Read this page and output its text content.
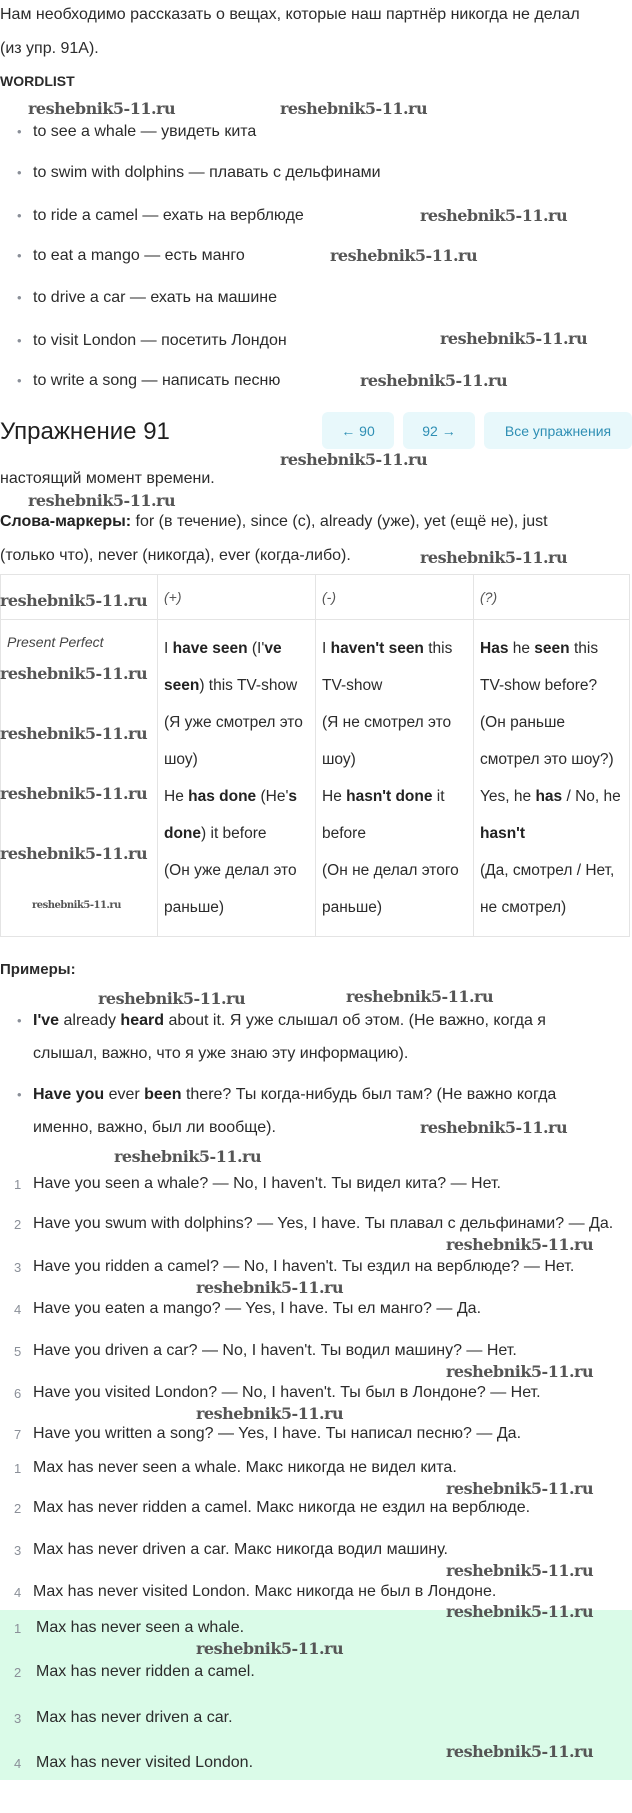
Нам необходимо рассказать о вещах, которые наш партнёр никогда не делал
(из упр. 91A).
WORDLIST
• to see a whale — увидеть кита
• to swim with dolphins — плавать с дельфинами
• to ride a camel — ехать на верблюде
• to eat a mango — есть манго
• to drive a car — ехать на машине
• to visit London — посетить Лондон
• to write a song — написать песню
Упражнение 91	← 90	92 →	Все упражнения
настоящий момент времени.
Слова-маркеры: for (в течение), since (с), already (уже), yet (ещё не), just
(только что), never (никогда), ever (когда-либо).
	(+)	(-)	(?)
Present Perfect	I have seen (I've seen) this TV-show
(Я уже смотрел это шоу)
He has done (He's done) it before
(Он уже делал это раньше)	I haven't seen this TV-show
(Я не смотрел это шоу)
He hasn't done it before
(Он не делал этого раньше)	Has he seen this TV-show before?
(Он раньше смотрел это шоу?)
Yes, he has / No, he hasn't
(Да, смотрел / Нет, не смотрел)
Примеры:
• I've already heard about it. Я уже слышал об этом. (Не важно, когда я
слышал, важно, что я уже знаю эту информацию).
• Have you ever been there? Ты когда-нибудь был там? (Не важно когда
именно, важно, был ли вообще).
1 Have you seen a whale? — No, I haven't. Ты видел кита? — Нет.
2 Have you swum with dolphins? — Yes, I have. Ты плавал с дельфинами? — Да.
3 Have you ridden a camel? — No, I haven't. Ты ездил на верблюде? — Нет.
4 Have you eaten a mango? — Yes, I have. Ты ел манго? — Да.
5 Have you driven a car? — No, I haven't. Ты водил машину? — Нет.
6 Have you visited London? — No, I haven't. Ты был в Лондоне? — Нет.
7 Have you written a song? — Yes, I have. Ты написал песню? — Да.
1 Max has never seen a whale. Макс никогда не видел кита.
2 Max has never ridden a camel. Макс никогда не ездил на верблюде.
3 Max has never driven a car. Макс никогда водил машину.
4 Max has never visited London. Макс никогда не был в Лондоне.
1 Max has never seen a whale.
2 Max has never ridden a camel.
3 Max has never driven a car.
4 Max has never visited London.
reshebnik5-11.ru	reshebnik5-11.ru
reshebnik5-11.ru
reshebnik5-11.ru
reshebnik5-11.ru
reshebnik5-11.ru
reshebnik5-11.ru
reshebnik5-11.ru
reshebnik5-11.ru
reshebnik5-11.ru
reshebnik5-11.ru
reshebnik5-11.ru
reshebnik5-11.ru
reshebnik5-11.ru
reshebnik5-11.ru
reshebnik5-11.ru	reshebnik5-11.ru
reshebnik5-11.ru
reshebnik5-11.ru
reshebnik5-11.ru
reshebnik5-11.ru
reshebnik5-11.ru
reshebnik5-11.ru
reshebnik5-11.ru
reshebnik5-11.ru
reshebnik5-11.ru
reshebnik5-11.ru
reshebnik5-11.ru
